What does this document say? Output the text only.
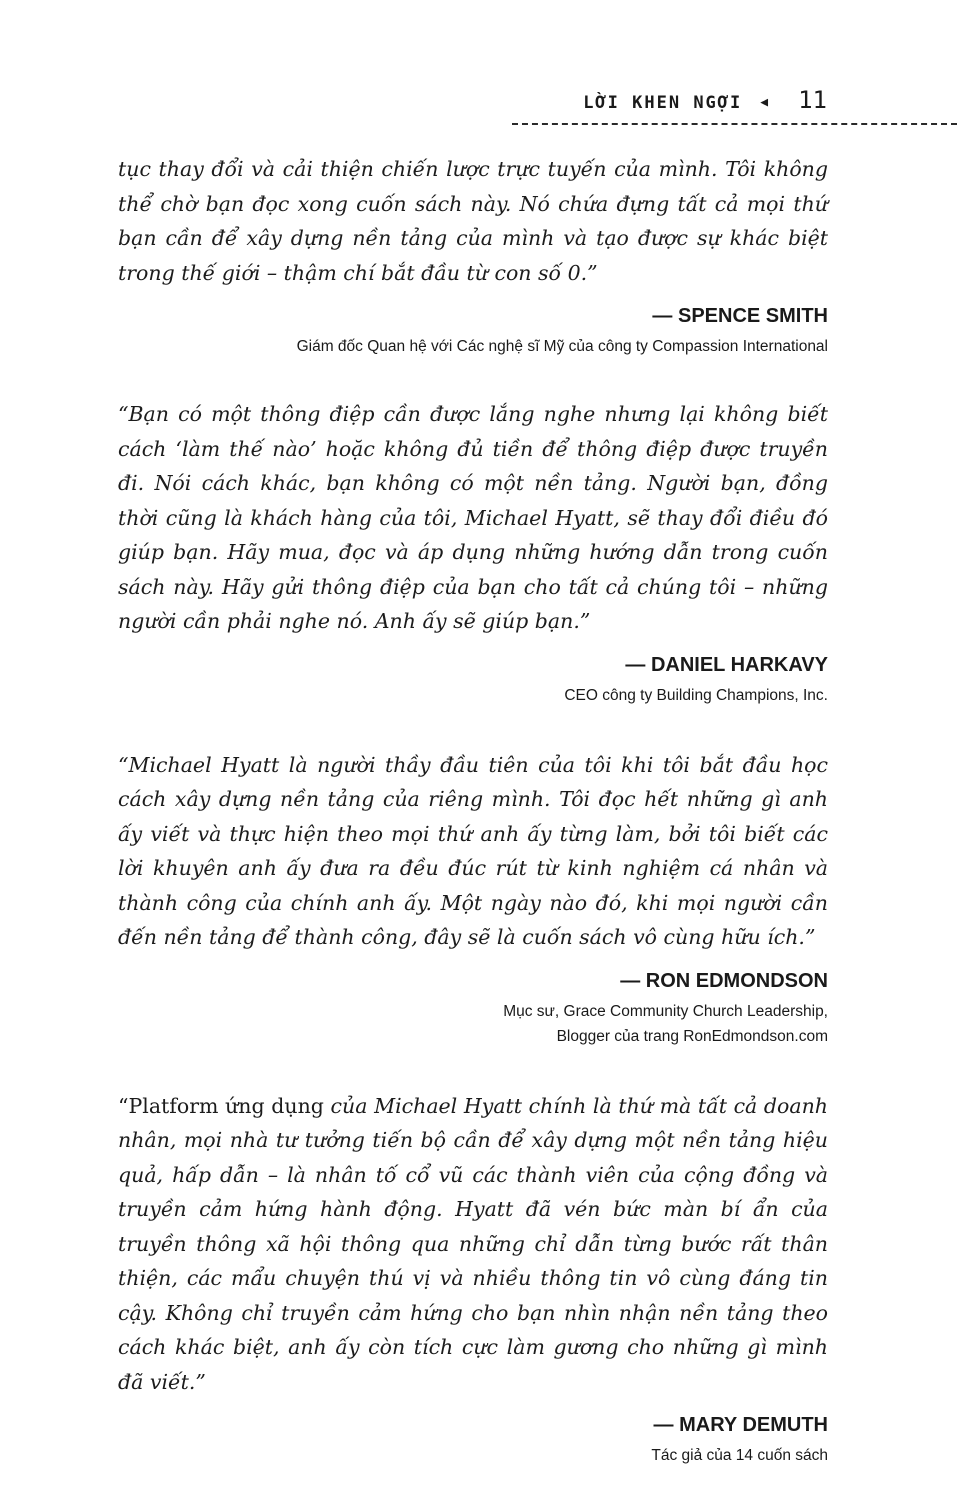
LỜI KHEN NGỢI ◀ 11

tục thay đổi và cải thiện chiến lược trực tuyến của mình. Tôi không thể chờ bạn đọc xong cuốn sách này. Nó chứa đựng tất cả mọi thứ bạn cần để xây dựng nền tảng của mình và tạo được sự khác biệt trong thế giới – thậm chí bắt đầu từ con số 0.”

— SPENCE SMITH

Giám đốc Quan hệ với Các nghệ sĩ Mỹ của công ty Compassion International

“Bạn có một thông điệp cần được lắng nghe nhưng lại không biết cách ‘làm thế nào’ hoặc không đủ tiền để thông điệp được truyền đi. Nói cách khác, bạn không có một nền tảng. Người bạn, đồng thời cũng là khách hàng của tôi, Michael Hyatt, sẽ thay đổi điều đó giúp bạn. Hãy mua, đọc và áp dụng những hướng dẫn trong cuốn sách này. Hãy gửi thông điệp của bạn cho tất cả chúng tôi – những người cần phải nghe nó. Anh ấy sẽ giúp bạn.”

— DANIEL HARKAVY

CEO công ty Building Champions, Inc.

“Michael Hyatt là người thầy đầu tiên của tôi khi tôi bắt đầu học cách xây dựng nền tảng của riêng mình. Tôi đọc hết những gì anh ấy viết và thực hiện theo mọi thứ anh ấy từng làm, bởi tôi biết các lời khuyên anh ấy đưa ra đều đúc rút từ kinh nghiệm cá nhân và thành công của chính anh ấy. Một ngày nào đó, khi mọi người cần đến nền tảng để thành công, đây sẽ là cuốn sách vô cùng hữu ích.”

— RON EDMONDSON

Mục sư, Grace Community Church Leadership,
Blogger của trang RonEdmondson.com

“Platform ứng dụng của Michael Hyatt chính là thứ mà tất cả doanh nhân, mọi nhà tư tưởng tiến bộ cần để xây dựng một nền tảng hiệu quả, hấp dẫn – là nhân tố cổ vũ các thành viên của cộng đồng và truyền cảm hứng hành động. Hyatt đã vén bức màn bí ẩn của truyền thông xã hội thông qua những chỉ dẫn từng bước rất thân thiện, các mẩu chuyện thú vị và nhiều thông tin vô cùng đáng tin cậy. Không chỉ truyền cảm hứng cho bạn nhìn nhận nền tảng theo cách khác biệt, anh ấy còn tích cực làm gương cho những gì mình đã viết.”

— MARY DEMUTH

Tác giả của 14 cuốn sách
